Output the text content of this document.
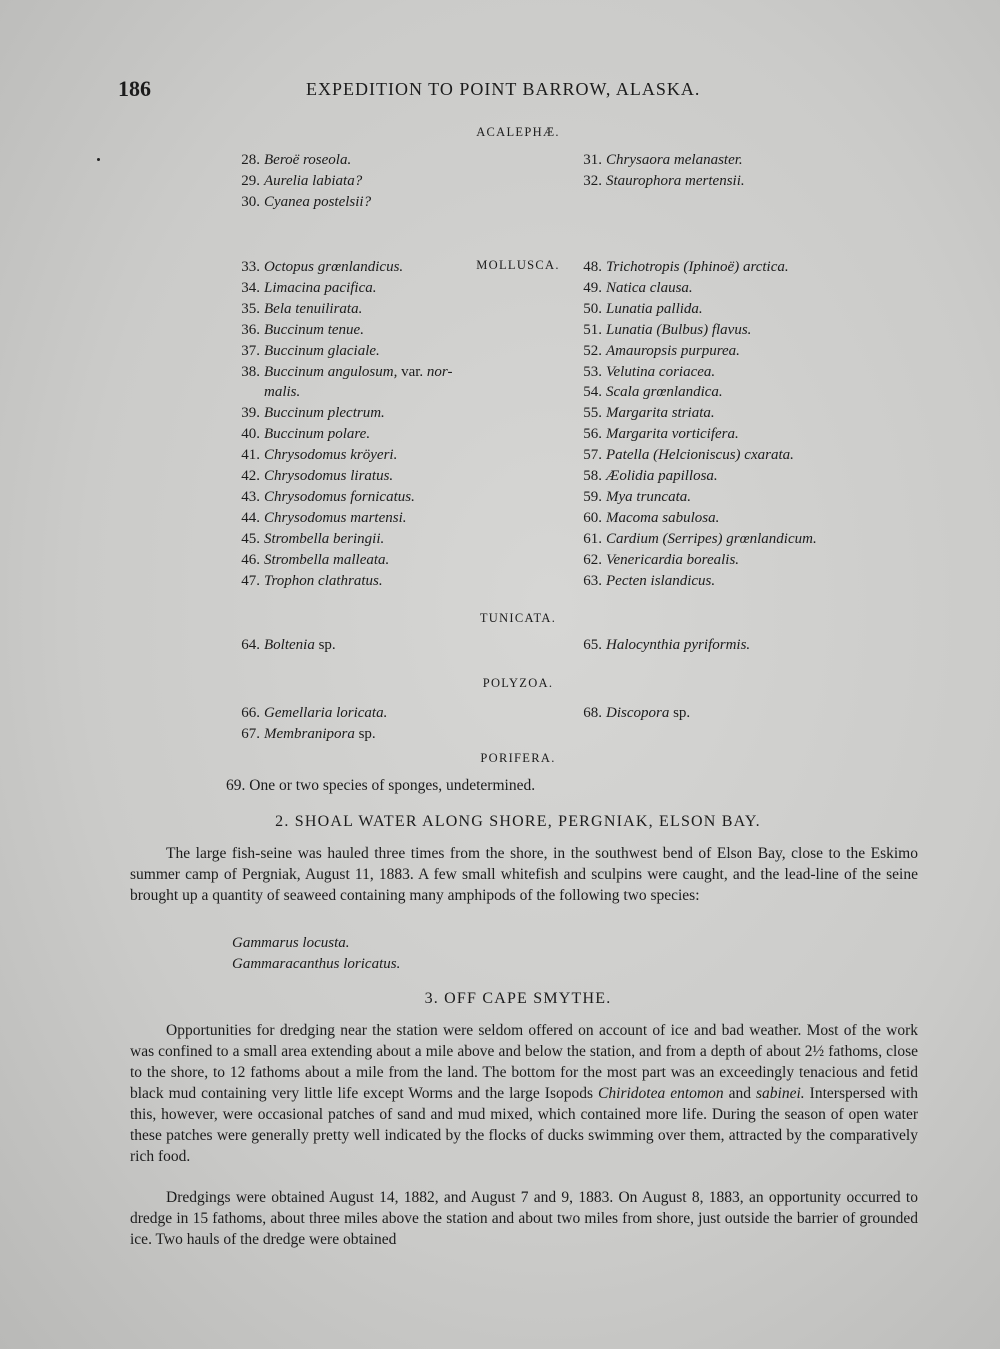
186	EXPEDITION TO POINT BARROW, ALASKA.
ACALEPHÆ.
28. Beroë roseola.
29. Aurelia labiata?
30. Cyanea postelsii?
31. Chrysaora melanaster.
32. Staurophora mertensii.
MOLLUSCA.
33. Octopus grœnlandicus.
34. Limacina pacifica.
35. Bela tenuilirata.
36. Buccinum tenue.
37. Buccinum glaciale.
38. Buccinum angulosum, var. nor-
malis.
39. Buccinum plectrum.
40. Buccinum polare.
41. Chrysodomus kröyeri.
42. Chrysodomus liratus.
43. Chrysodomus fornicatus.
44. Chrysodomus martensi.
45. Strombella beringii.
46. Strombella malleata.
47. Trophon clathratus.
48. Trichotropis (Iphinoë) arctica.
49. Natica clausa.
50. Lunatia pallida.
51. Lunatia (Bulbus) flavus.
52. Amauropsis purpurea.
53. Velutina coriacea.
54. Scala grœnlandica.
55. Margarita striata.
56. Margarita vorticifera.
57. Patella (Helcioniscus) cxarata.
58. Æolidia papillosa.
59. Mya truncata.
60. Macoma sabulosa.
61. Cardium (Serripes) grœnlandicum.
62. Venericardia borealis.
63. Pecten islandicus.
TUNICATA.
64. Boltenia sp.	65. Halocynthia pyriformis.
POLYZOA.
66. Gemellaria loricata.
67. Membranipora sp.
68. Discopora sp.
PORIFERA.
69. One or two species of sponges, undetermined.
2. SHOAL WATER ALONG SHORE, PERGNIAK, ELSON BAY.
The large fish-seine was hauled three times from the shore, in the southwest bend of Elson Bay, close to the Eskimo summer camp of Pergniak, August 11, 1883. A few small whitefish and sculpins were caught, and the lead-line of the seine brought up a quantity of seaweed containing many amphipods of the following two species:
Gammarus locusta.
Gammaracanthus loricatus.
3. OFF CAPE SMYTHE.
Opportunities for dredging near the station were seldom offered on account of ice and bad weather. Most of the work was confined to a small area extending about a mile above and below the station, and from a depth of about 2½ fathoms, close to the shore, to 12 fathoms about a mile from the land. The bottom for the most part was an exceedingly tenacious and fetid black mud containing very little life except Worms and the large Isopods Chiridotea entomon and sabinei. Interspersed with this, however, were occasional patches of sand and mud mixed, which contained more life. During the season of open water these patches were generally pretty well indicated by the flocks of ducks swimming over them, attracted by the comparatively rich food.
Dredgings were obtained August 14, 1882, and August 7 and 9, 1883. On August 8, 1883, an opportunity occurred to dredge in 15 fathoms, about three miles above the station and about two miles from shore, just outside the barrier of grounded ice. Two hauls of the dredge were obtained
